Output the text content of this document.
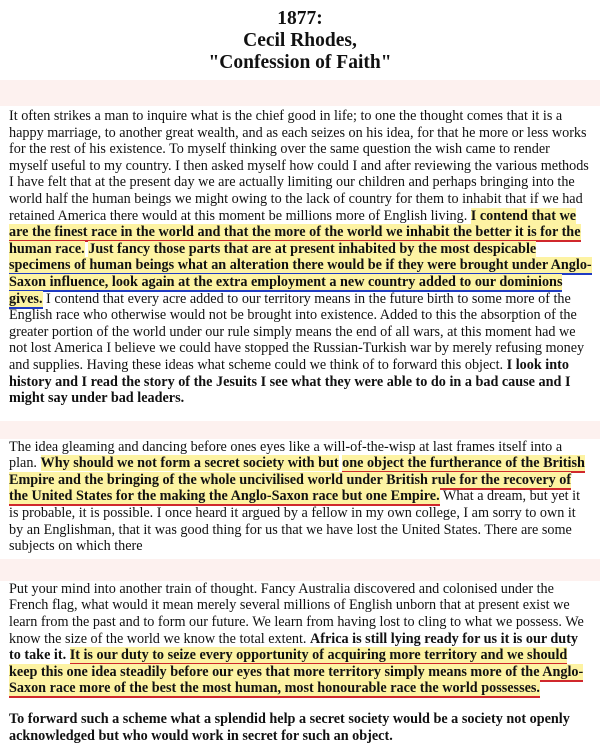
1877:
Cecil Rhodes,
"Confession of Faith"

It often strikes a man to inquire what is the chief good in life; to one the thought comes that it is a happy marriage, to another great wealth, and as each seizes on his idea, for that he more or less works for the rest of his existence. To myself thinking over the same question the wish came to render myself useful to my country. I then asked myself how could I and after reviewing the various methods I have felt that at the present day we are actually limiting our children and perhaps bringing into the world half the human beings we might owing to the lack of country for them to inhabit that if we had retained America there would at this moment be millions more of English living. I contend that we are the finest race in the world and that the more of the world we inhabit the better it is for the human race. Just fancy those parts that are at present inhabited by the most despicable specimens of human beings what an alteration there would be if they were brought under Anglo-Saxon influence, look again at the extra employment a new country added to our dominions gives. I contend that every acre added to our territory means in the future birth to some more of the English race who otherwise would not be brought into existence. Added to this the absorption of the greater portion of the world under our rule simply means the end of all wars, at this moment had we not lost America I believe we could have stopped the Russian-Turkish war by merely refusing money and supplies. Having these ideas what scheme could we think of to forward this object. I look into history and I read the story of the Jesuits I see what they were able to do in a bad cause and I might say under bad leaders.

The idea gleaming and dancing before ones eyes like a will-of-the-wisp at last frames itself into a plan. Why should we not form a secret society with but one object the furtherance of the British Empire and the bringing of the whole uncivilised world under British rule for the recovery of the United States for the making the Anglo-Saxon race but one Empire. What a dream, but yet it is probable, it is possible. I once heard it argued by a fellow in my own college, I am sorry to own it by an Englishman, that it was good thing for us that we have lost the United States. There are some subjects on which there

Put your mind into another train of thought. Fancy Australia discovered and colonised under the French flag, what would it mean merely several millions of English unborn that at present exist we learn from the past and to form our future. We learn from having lost to cling to what we possess. We know the size of the world we know the total extent. Africa is still lying ready for us it is our duty to take it. It is our duty to seize every opportunity of acquiring more territory and we should keep this one idea steadily before our eyes that more territory simply means more of the Anglo-Saxon race more of the best the most human, most honourable race the world possesses.

To forward such a scheme what a splendid help a secret society would be a society not openly acknowledged but who would work in secret for such an object.
